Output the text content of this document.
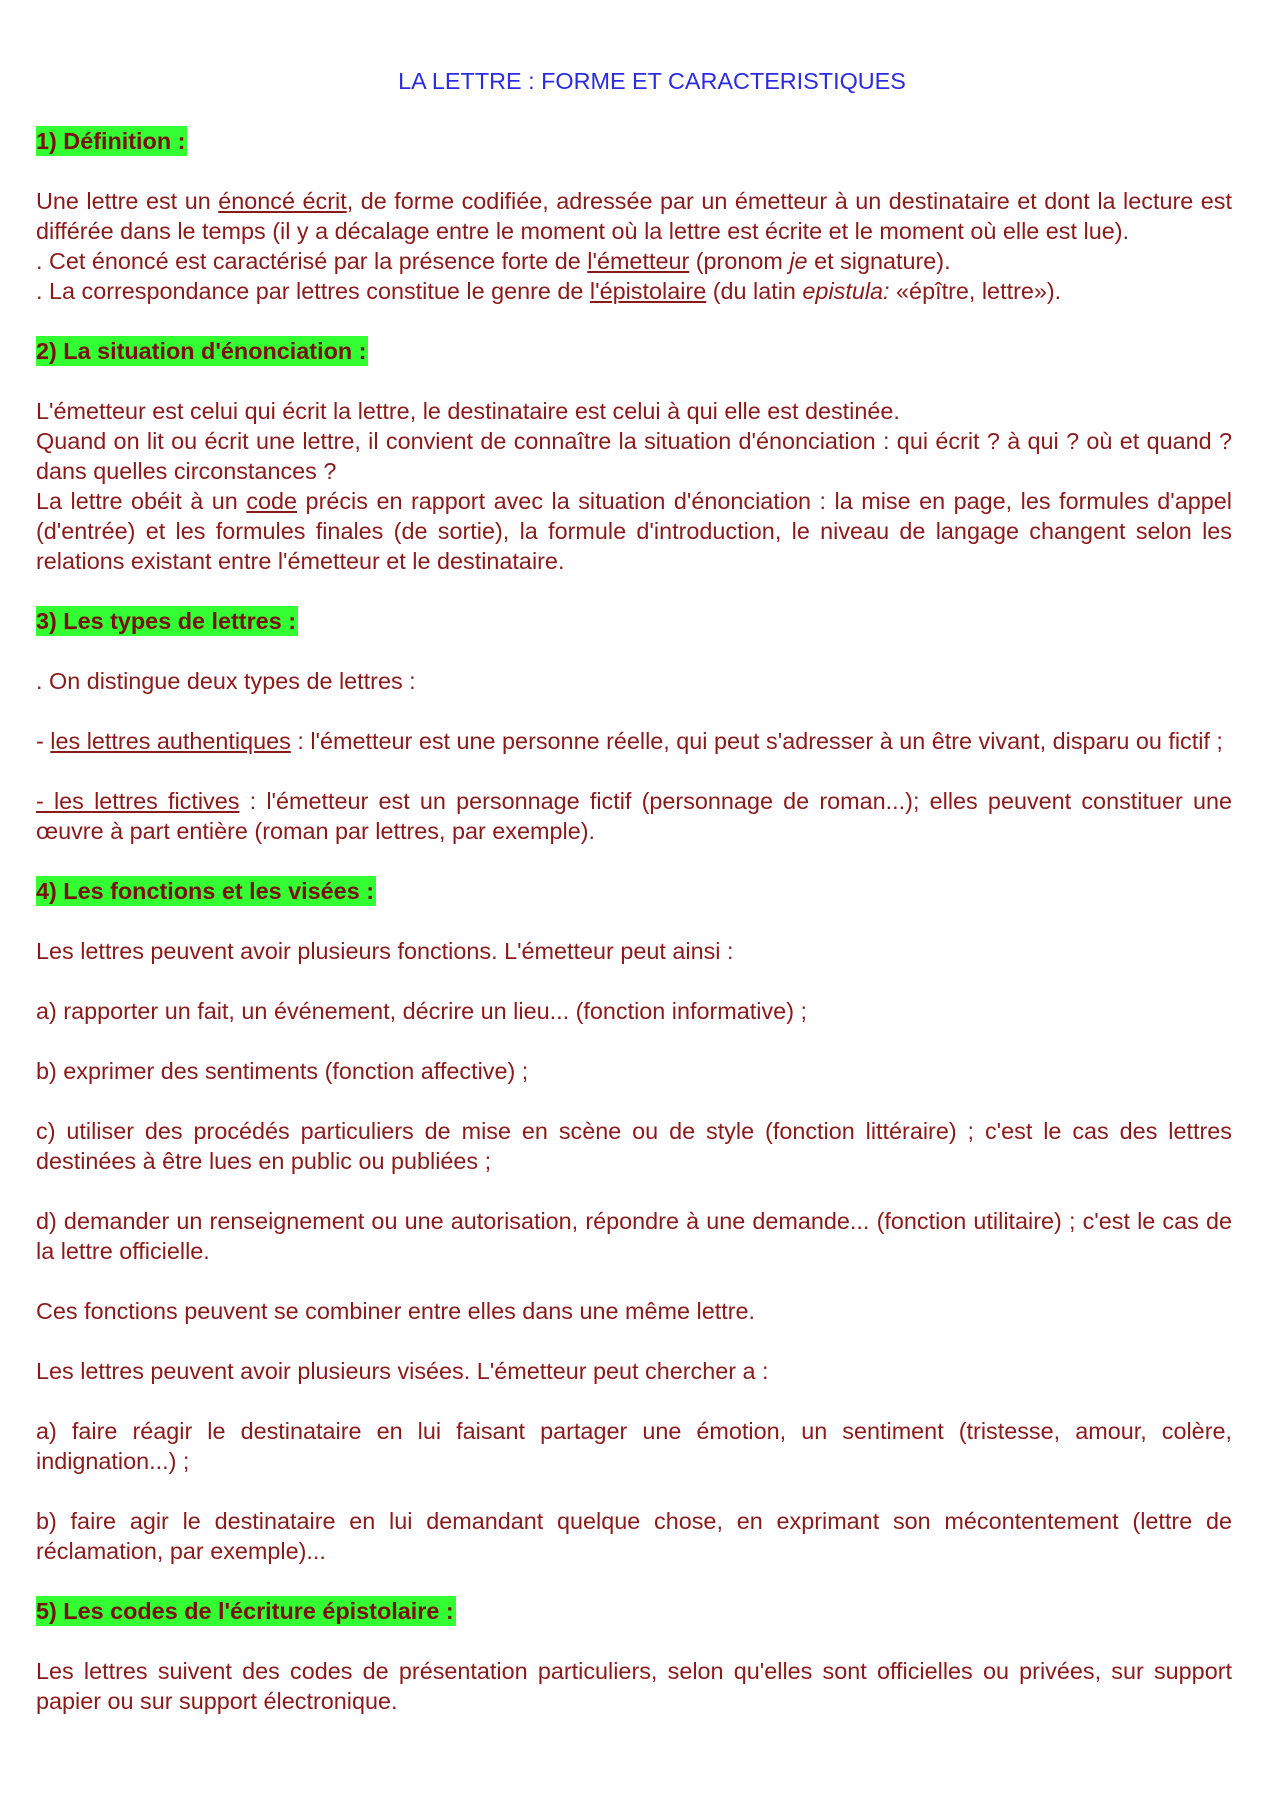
LA LETTRE : FORME ET CARACTERISTIQUES
1) Définition :

Une lettre est un énoncé écrit, de forme codifiée, adressée par un émetteur à un destinataire et dont la lecture est différée dans le temps (il y a décalage entre le moment où la lettre est écrite et le moment où elle est lue).

. Cet énoncé est caractérisé par la présence forte de l'émetteur (pronom je et signature).

. La correspondance par lettres constitue le genre de l'épistolaire (du latin epistula: «épître, lettre»).

2) La situation d'énonciation :

L'émetteur est celui qui écrit la lettre, le destinataire est celui à qui elle est destinée.

Quand on lit ou écrit une lettre, il convient de connaître la situation d'énonciation : qui écrit ? à qui ? où et quand ? dans quelles circonstances ?

La lettre obéit à un code précis en rapport avec la situation d'énonciation : la mise en page, les formules d'appel (d'entrée) et les formules finales (de sortie), la formule d'introduction, le niveau de langage changent selon les relations existant entre l'émetteur et le destinataire.

3) Les types de lettres :

. On distingue deux types de lettres :

- les lettres authentiques : l'émetteur est une personne réelle, qui peut s'adresser à un être vivant, disparu ou fictif ;

- les lettres fictives : l'émetteur est un personnage fictif (personnage de roman...); elles peuvent constituer une œuvre à part entière (roman par lettres, par exemple).

4) Les fonctions et les visées :

Les lettres peuvent avoir plusieurs fonctions. L'émetteur peut ainsi :

a) rapporter un fait, un événement, décrire un lieu... (fonction informative) ;

b) exprimer des sentiments (fonction affective) ;

c) utiliser des procédés particuliers de mise en scène ou de style (fonction littéraire) ; c'est le cas des lettres destinées à être lues en public ou publiées ;

d) demander un renseignement ou une autorisation, répondre à une demande... (fonction utilitaire) ; c'est le cas de la lettre officielle.

Ces fonctions peuvent se combiner entre elles dans une même lettre.

Les lettres peuvent avoir plusieurs visées. L'émetteur peut chercher a :

a) faire réagir le destinataire en lui faisant partager une émotion, un sentiment (tristesse, amour, colère, indignation...) ;

b) faire agir le destinataire en lui demandant quelque chose, en exprimant son mécontentement (lettre de réclamation, par exemple)...

5) Les codes de l'écriture épistolaire :

Les lettres suivent des codes de présentation particuliers, selon qu'elles sont officielles ou privées, sur support papier ou sur support électronique.
